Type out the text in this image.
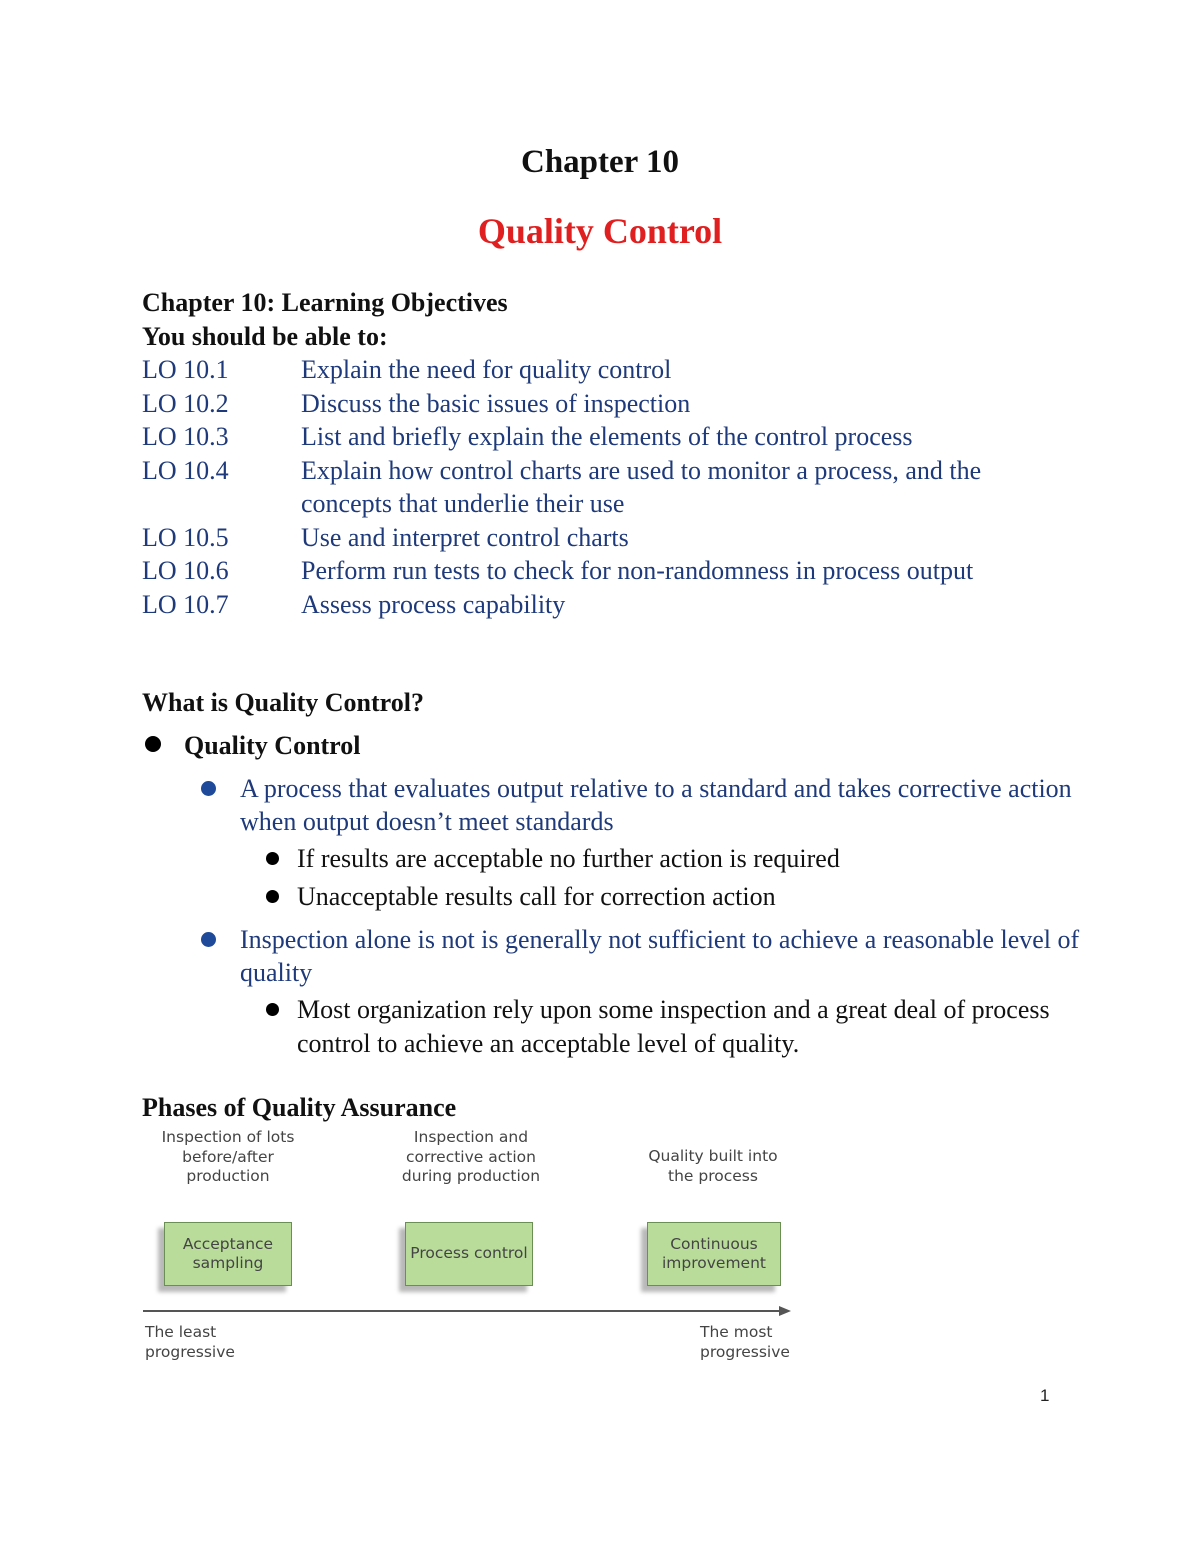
Chapter 10
Quality Control

Chapter 10: Learning Objectives

You should be able to:

LO 10.1	Explain the need for quality control
LO 10.2	Discuss the basic issues of inspection
LO 10.3	List and briefly explain the elements of the control process
LO 10.4	Explain how control charts are used to monitor a process, and the concepts that underlie their use
LO 10.5	Use and interpret control charts
LO 10.6	Perform run tests to check for non-randomness in process output
LO 10.7	Assess process capability

What is Quality Control?

Quality Control
A process that evaluates output relative to a standard and takes corrective action when output doesn’t meet standards
If results are acceptable no further action is required
Unacceptable results call for correction action
Inspection alone is not is generally not sufficient to achieve a reasonable level of quality
Most organization rely upon some inspection and a great deal of process control to achieve an acceptable level of quality.

Phases of Quality Assurance

Inspection of lots before/after production
Inspection and corrective action during production
Quality built into the process
Acceptance sampling
Process control
Continuous improvement
The least progressive
The most progressive
1
